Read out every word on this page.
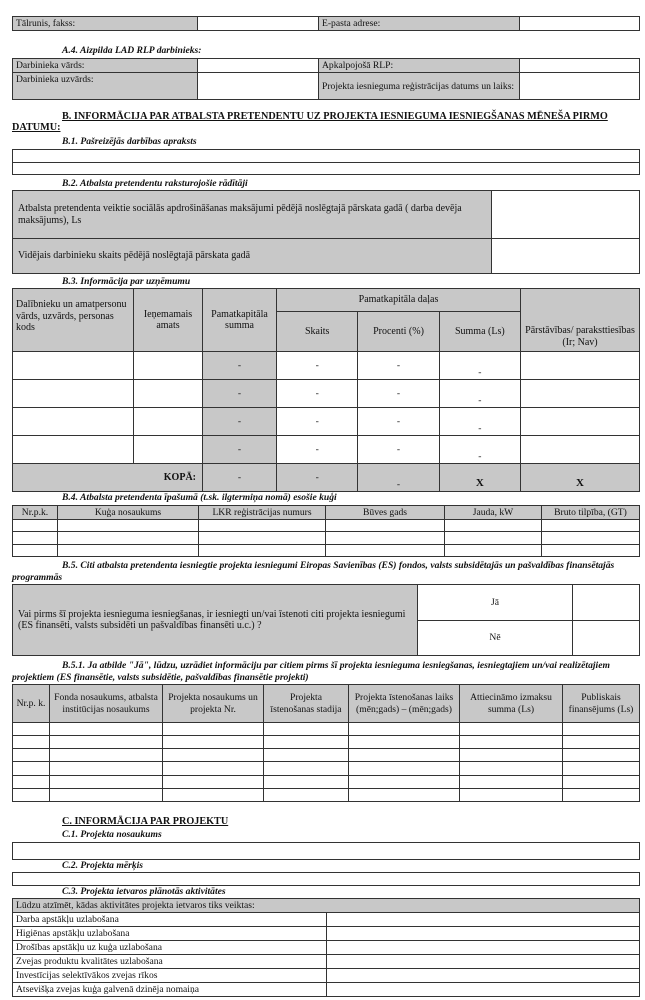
Tālrunis, fakss:		E-pasta adrese:	
A.4. Aizpilda LAD RLP darbinieks:
Darbinieka vārds:		Apkalpojošā RLP:	
Darbinieka uzvārds:		Projekta iesnieguma reģistrācijas datums un laiks:	
B. INFORMĀCIJA PAR ATBALSTA PRETENDENTU UZ PROJEKTA IESNIEGUMA IESNIEGŠANAS MĒNEŠA PIRMO DATUMU:
B.1. Pašreizējās darbības apraksts

B.2. Atbalsta pretendentu raksturojošie rādītāji
Atbalsta pretendenta veiktie sociālās apdrošināšanas maksājumi pēdējā noslēgtajā pārskata gadā ( darba devēja maksājums), Ls	
Vidējais darbinieku skaits pēdējā noslēgtajā pārskata gadā	
B.3. Informācija par uzņēmumu
Dalībnieku un amatpersonu vārds, uzvārds, personas kods	Ieņemamais amats	Pamatkapitāla summa	Pamatkapitāla daļas			Pārstāvības/ paraksttiesības (Ir; Nav)
			Skaits	Procenti (%)	Summa (Ls)	
		-	-	-	-	
		-	-	-	-	
		-	-	-	-	
		-	-	-	-	
KOPĀ:		-	-	-	X	X
B.4. Atbalsta pretendenta īpašumā (t.sk. ilgtermiņa nomā) esošie kuģi
Nr.p.k.	Kuģa nosaukums	LKR reģistrācijas numurs	Būves gads	Jauda, kW	Bruto tilpība, (GT)

B.5. Citi atbalsta pretendenta iesniegtie projekta iesniegumi Eiropas Savienības (ES) fondos, valsts subsidētajās un pašvaldības finansētajās programmās
Vai pirms šī projekta iesnieguma iesniegšanas, ir iesniegti un/vai īstenoti citi projekta iesniegumi (ES finansēti, valsts subsidēti un pašvaldības finansēti u.c.) ?	Jā	
	Nē	
B.5.1. Ja atbilde "Jā", lūdzu, uzrādiet informāciju par citiem pirms šī projekta iesnieguma iesniegšanas, iesniegtajiem un/vai realizētajiem projektiem (ES finansētie, valsts subsidētie, pašvaldības finansētie projekti)
Nr.p. k.	Fonda nosaukums, atbalsta institūcijas nosaukums	Projekta nosaukums un projekta Nr.	Projekta īstenošanas stadija	Projekta īstenošanas laiks (mēn;gads) – (mēn;gads)	Attiecināmo izmaksu summa (Ls)	Publiskais finansējums (Ls)

C. INFORMĀCIJA PAR PROJEKTU
C.1. Projekta nosaukums
C.2. Projekta mērķis
C.3. Projekta ietvaros plānotās aktivitātes
Lūdzu atzīmēt, kādas aktivitātes projekta ietvaros tiks veiktas:	
Darba apstākļu uzlabošana	
Higiēnas apstākļu uzlabošana	
Drošības apstākļu uz kuģa uzlabošana	
Zvejas produktu kvalitātes uzlabošana	
Investīcijas selektīvākos zvejas rīkos	
Atsevišķa zvejas kuģa galvenā dzinēja nomaiņa	
